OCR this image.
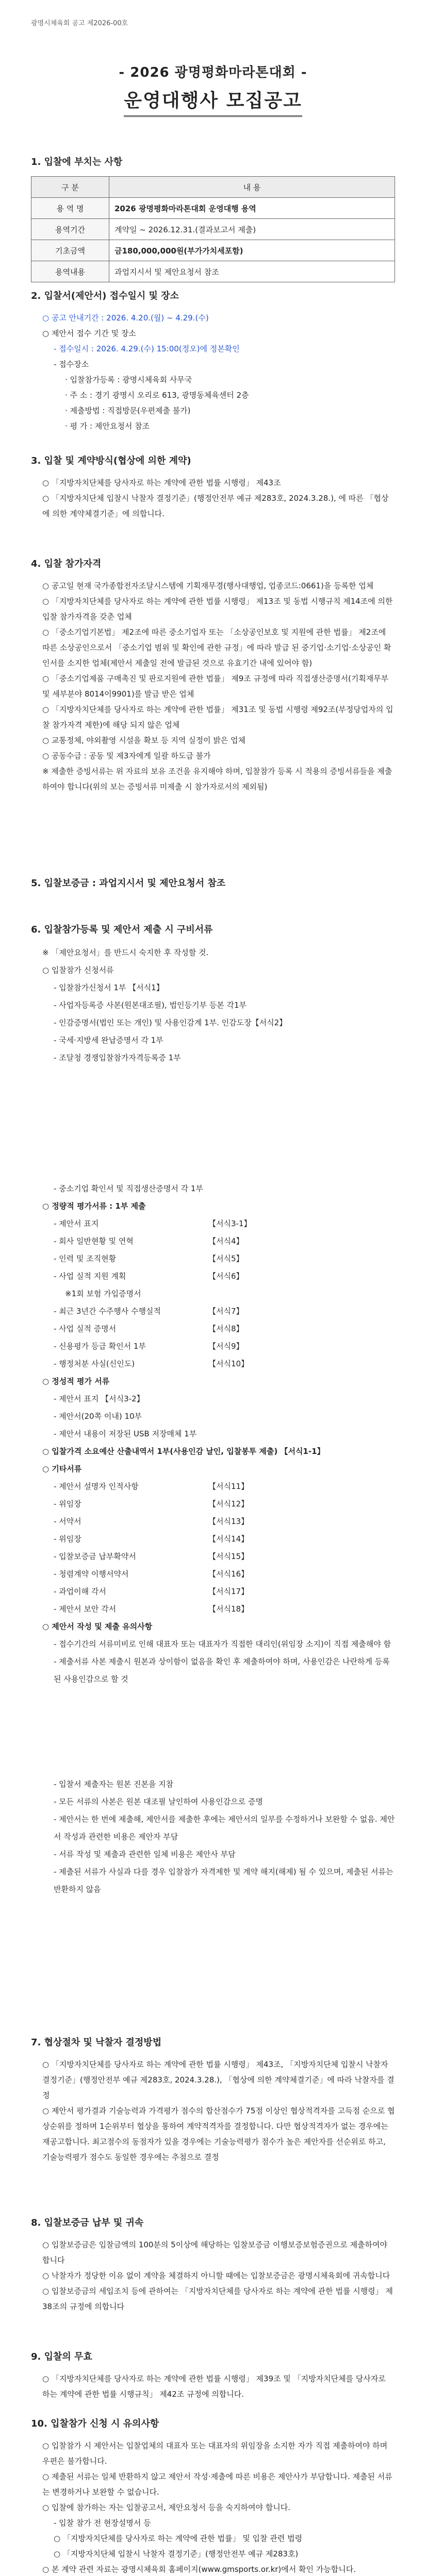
광명시체육회 공고 제2026-00호
- 2026 광명평화마라톤대회 -
운영대행사 모집공고
1. 입찰에 부치는 사항
구 분	내 용
용 역 명	2026 광명평화마라톤대회 운영대행 용역
용역기간	계약일 ~ 2026.12.31.(결과보고서 제출)
기초금액	금180,000,000원(부가가치세포함)
용역내용	과업지시서 및 제안요청서 참조
2. 입찰서(제안서) 접수일시 및 장소
○ 공고 안내기간 : 2026. 4.20.(월) ~ 4.29.(수)
○ 제안서 접수 기간 및 장소
- 접수일시 : 2026. 4.29.(수) 15:00(정오)에 정본확인
- 접수장소
· 입찰참가등록 : 광명시체육회 사무국
· 주 소 : 경기 광명시 오리로 613, 광명동체육센터 2층
· 제출방법 : 직접방문(우편제출 불가)
· 평 가 : 제안요청서 참조
3. 입찰 및 계약방식(협상에 의한 계약)
○ 「지방자치단체를 당사자로 하는 계약에 관한 법률 시행령」 제43조
○ 「지방자치단체 입찰시 낙찰자 결정기준」(행정안전부 예규 제283호, 2024.3.28.), 에 따른 「협상에 의한 계약체결기준」에 의합니다.
4. 입찰 참가자격
○ 공고일 현재 국가종합전자조달시스템에 기획재무경(행사대행업, 업종코드:0661)을 등록한 업체
○ 「지방자치단체를 당사자로 하는 계약에 관한 법률 시행령」 제13조 및 동법 시행규칙 제14조에 의한 입찰 참가자격을 갖춘 업체
○ 「중소기업기본법」 제2조에 따른 중소기업자 또는 「소상공인보호 및 지원에 관한 법률」 제2조에 따른 소상공인으로서 「중소기업 범위 및 확인에 관한 규정」에 따라 발급 된 중기업·소기업·소상공인 확인서를 소지한 업체(제안서 제출일 전에 발급된 것으로 유효기간 내에 있어야 함)
○ 「중소기업제품 구매촉진 및 판로지원에 관한 법률」 제9조 규정에 따라 직접생산증명서(기획재무부 및 세부분야 8014이9901)를 발급 받은 업체
○ 「지방자치단체를 당사자로 하는 계약에 관한 법률」 제31조 및 동법 시행령 제92조(부정당업자의 입찰 참가자격 제한)에 해당 되지 않은 업체
○ 교통정체, 야외촬영 시설을 확보 등 지역 실정이 밝은 업체
○ 공동수급 : 공동 및 제3자에게 일괄 하도급 불가
※ 제출한 증빙서류는 위 자료의 보유 조건을 유지해야 하며, 입찰참가 등록 시 적용의 증빙서류들을 제출하여야 합니다(위의 보는 증빙서류 미제출 시 참가자로서의 제외됨)
5. 입찰보증금 : 과업지시서 및 제안요청서 참조
6. 입찰참가등록 및 제안서 제출 시 구비서류
※ 「제안요청서」를 반드시 숙지한 후 작성할 것.
○ 입찰참가 신청서류
- 입찰참가신청서 1부 【서식1】
- 사업자등록증 사본(원본대조필), 법인등기부 등본 각1부
- 인감증명서(법인 또는 개인) 및 사용인감계 1부. 인감도장【서식2】
- 국세·지방세 완납증명서 각 1부
- 조달청 경쟁입찰참가자격등록증 1부
- 중소기업 확인서 및 직접생산증명서 각 1부
○ 정량적 평가서류 : 1부 제출
- 제안서 표지	【서식3-1】
- 회사 일반현황 및 연혁	【서식4】
- 인력 및 조직현황	【서식5】
- 사업 실적 지원 계획	【서식6】
※1회 보험 가입증명서
- 최근 3년간 수주행사 수행실적	【서식7】
- 사업 실적 증명서	【서식8】
- 신용평가 등급 확인서 1부	【서식9】
- 행정처분 사실(신인도)	【서식10】
○ 정성적 평가 서류
- 제안서 표지 【서식3-2】
- 제안서(20쪽 이내) 10부
- 제안서 내용이 저장된 USB 저장매체 1부
○ 입찰가격 소요예산 산출내역서 1부(사용인감 날인, 입찰봉투 제출) 【서식1-1】
○ 기타서류
- 제안서 설명자 인적사항	【서식11】
- 위임장	【서식12】
- 서약서	【서식13】
- 위임장	【서식14】
- 입찰보증금 납부확약서	【서식15】
- 청렴계약 이행서약서	【서식16】
- 과업이해 각서	【서식17】
- 제안서 보안 각서	【서식18】
○ 제안서 작성 및 제출 유의사항
- 접수기간의 서류미비로 인해 대표자 또는 대표자가 직접한 대리인(위임장 소지)이 직접 제출해야 함
- 제출서류 사본 제출시 원본과 상이함이 없음을 확인 후 제출하여야 하며, 사용인감은 나란하게 등록된 사용인감으로 할 것
- 입찰서 제출자는 원본 진본을 지참
- 모든 서류의 사본은 원본 대조필 날인하여 사용인감으로 증명
- 제안서는 한 번에 제출해, 제안서를 제출한 후에는 제안서의 일부를 수정하거나 보완할 수 없음. 제안서 작성과 관련한 비용은 제안자 부담
- 서류 작성 및 제출과 관련한 일체 비용은 제안사 부담
- 제출된 서류가 사실과 다를 경우 입찰참가 자격제한 및 계약 해지(해제) 될 수 있으며, 제출된 서류는 반환하지 않음
7. 협상절차 및 낙찰자 결정방법
○ 「지방자치단체를 당사자로 하는 계약에 관한 법률 시행령」 제43조, 「지방자치단체 입찰시 낙찰자 결정기준」(행정안전부 예규 제283호, 2024.3.28.), 「협상에 의한 계약체결기준」에 따라 낙찰자를 결정
○ 제안서 평가결과 기술능력과 가격평가 점수의 합산점수가 75점 이상인 협상적격자를 고득점 순으로 협상순위를 정하며 1순위부터 협상을 통하여 계약적격자를 결정합니다. 다만 협상적격자가 없는 경우에는 재공고합니다. 최고점수의 동점자가 있을 경우에는 기술능력평가 점수가 높은 제안자를 선순위로 하고, 기술능력평가 점수도 동일한 경우에는 추첨으로 결정
8. 입찰보증금 납부 및 귀속
○ 입찰보증금은 입찰금액의 100분의 5이상에 해당하는 입찰보증금 이행보증보험증권으로 제출하여야 합니다
○ 낙찰자가 정당한 이유 없이 계약을 체결하지 아니할 때에는 입찰보증금은 광명시체육회에 귀속합니다
○ 입찰보증금의 세입조치 등에 관하여는 「지방자치단체를 당사자로 하는 계약에 관한 법률 시행령」 제38조의 규정에 의합니다
9. 입찰의 무효
○ 「지방자치단체를 당사자로 하는 계약에 관한 법률 시행령」 제39조 및 「지방자치단체를 당사자로 하는 계약에 관한 법률 시행규칙」 제42조 규정에 의합니다.
10. 입찰참가 신청 시 유의사항
○ 입찰참가 시 제안서는 입찰업체의 대표자 또는 대표자의 위임장을 소지한 자가 직접 제출하여야 하며 우편은 불가합니다.
○ 제출된 서류는 일체 반환하지 않고 제안서 작성·제출에 따른 비용은 제안사가 부담합니다. 제출된 서류는 변경하거나 보완할 수 없습니다.
○ 입찰에 참가하는 자는 입찰공고서, 제안요청서 등을 숙지하여야 합니다.
- 입찰 참가 전 현장설명서 등
○ 「지방자치단체를 당사자로 하는 계약에 관한 법률」 및 입찰 관련 법령
○ 「지방자치단체 입찰시 낙찰자 결정기준」(행정안전부 예규 제283호)
○ 본 계약 관련 자료는 광명시체육회 홈페이지(www.gmsports.or.kr)에서 확인 가능합니다.
